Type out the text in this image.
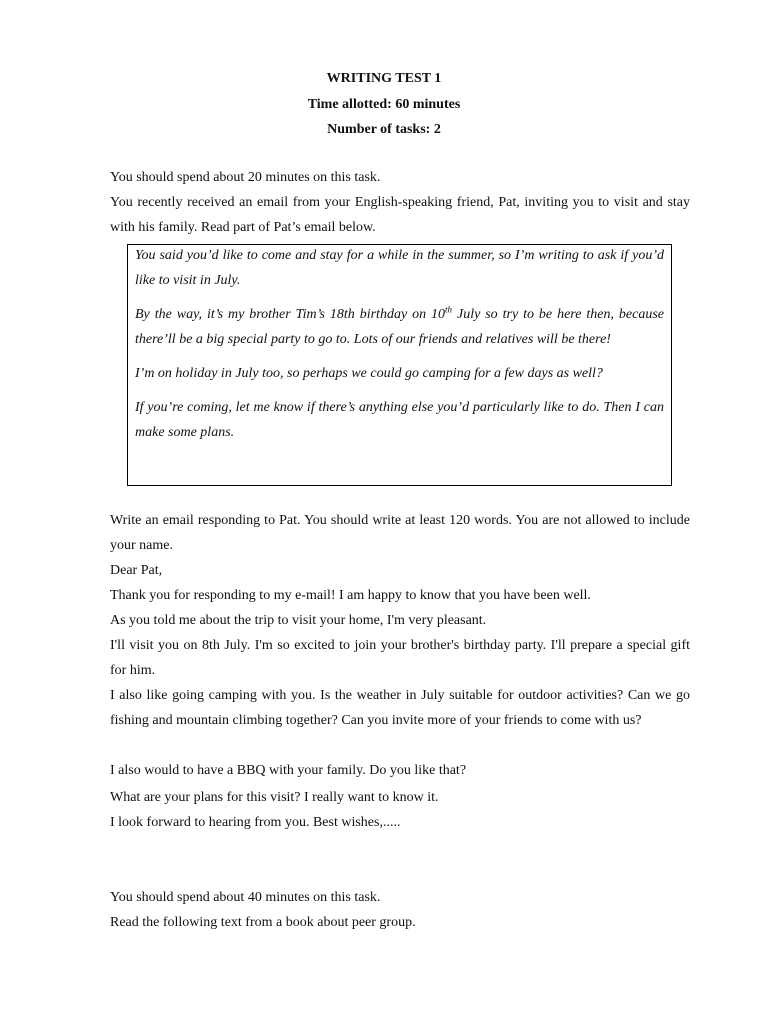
WRITING TEST 1
Time allotted: 60 minutes
Number of tasks: 2

You should spend about 20 minutes on this task.

You recently received an email from your English-speaking friend, Pat, inviting you to visit and stay with his family. Read part of Pat’s email below.

You said you’d like to come and stay for a while in the summer, so I’m writing to ask if you’d like to visit in July.

By the way, it’s my brother Tim’s 18th birthday on 10th July so try to be here then, because there’ll be a big special party to go to. Lots of our friends and relatives will be there!

I’m on holiday in July too, so perhaps we could go camping for a few days as well?

If you’re coming, let me know if there’s anything else you’d particularly like to do. Then I can make some plans.

Write an email responding to Pat. You should write at least 120 words. You are not allowed to include your name.

Dear Pat,

Thank you for responding to my e-mail! I am happy to know that you have been well.

As you told me about the trip to visit your home, I'm very pleasant.

I'll visit you on 8th July. I'm so excited to join your brother's birthday party. I'll prepare a special gift for him.

I also like going camping with you. Is the weather in July suitable for outdoor activities? Can we go fishing and mountain climbing together? Can you invite more of your friends to come with us?

I also would to have a BBQ with your family. Do you like that?

What are your plans for this visit? I really want to know it.

I look forward to hearing from you. Best wishes,.....

You should spend about 40 minutes on this task.

Read the following text from a book about peer group.
